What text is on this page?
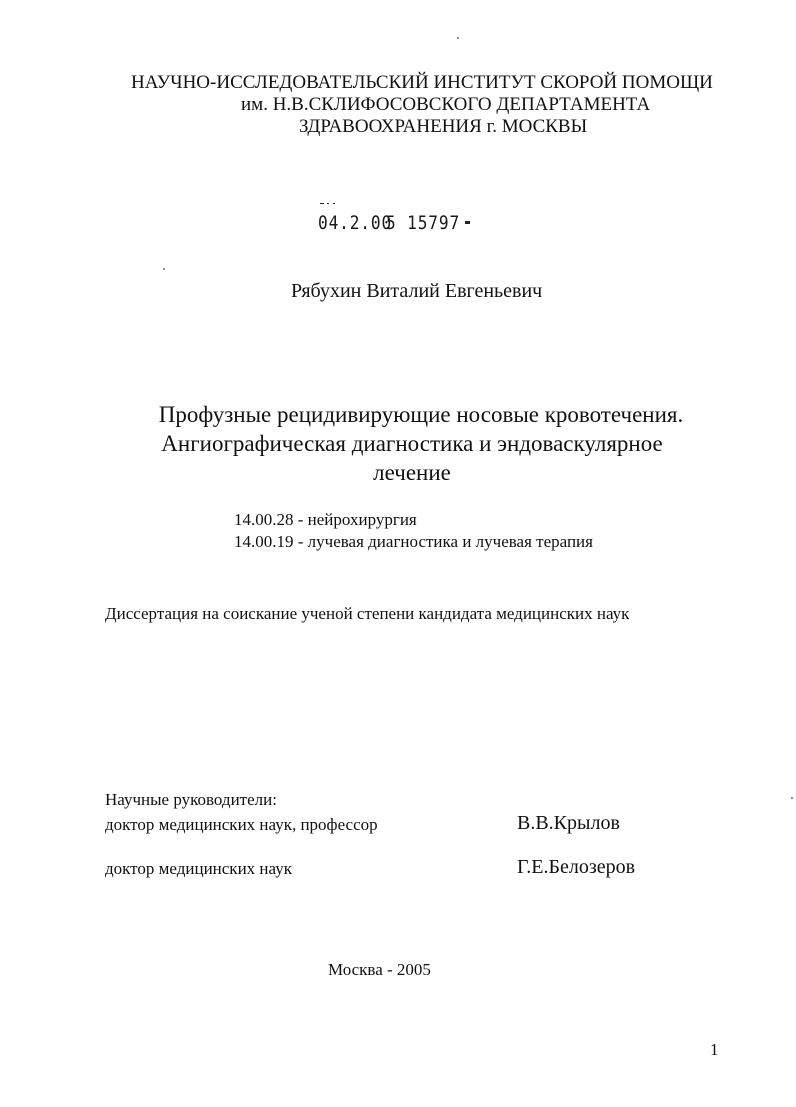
НАУЧНО-ИССЛЕДОВАТЕЛЬСКИЙ ИНСТИТУТ СКОРОЙ ПОМОЩИ
им. Н.В.СКЛИФОСОВСКОГО ДЕПАРТАМЕНТА
ЗДРАВООХРАНЕНИЯ г. МОСКВЫ
04.2.00
5 15797
Рябухин Виталий Евгеньевич
Профузные рецидивирующие носовые кровотечения.
Ангиографическая диагностика и эндоваскулярное
лечение
14.00.28 - нейрохирургия
14.00.19 - лучевая диагностика и лучевая терапия
Диссертация на соискание ученой степени кандидата медицинских наук
Научные руководители:
доктор медицинских наук, профессор	В.В.Крылов
доктор медицинских наук	Г.Е.Белозеров
Москва - 2005
1
